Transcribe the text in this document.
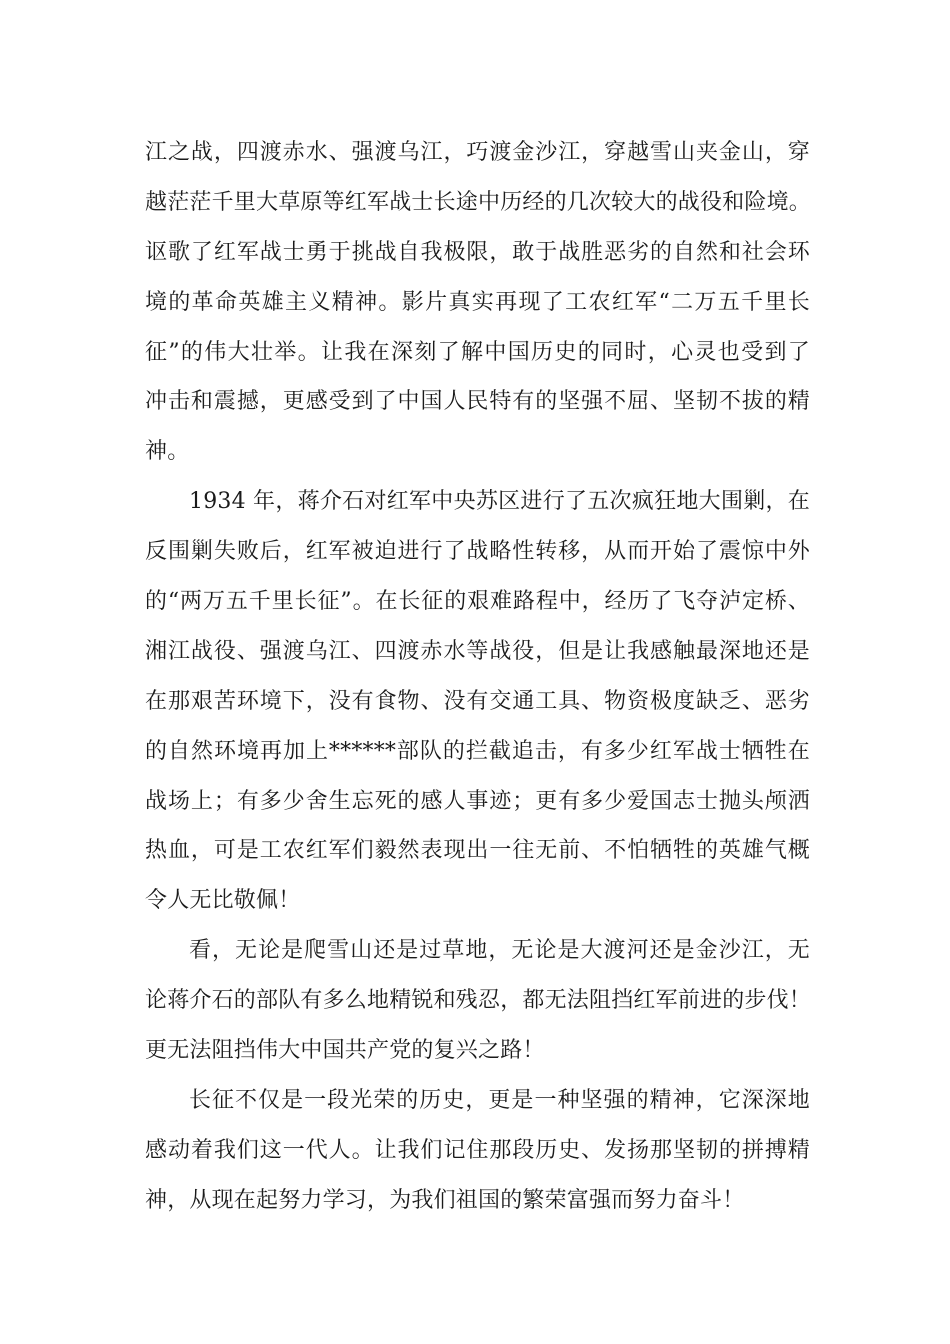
江之战，四渡赤水、强渡乌江，巧渡金沙江，穿越雪山夹金山，穿
越茫茫千里大草原等红军战士长途中历经的几次较大的战役和险境。
讴歌了红军战士勇于挑战自我极限，敢于战胜恶劣的自然和社会环
境的革命英雄主义精神。影片真实再现了工农红军“二万五千里长
征”的伟大壮举。让我在深刻了解中国历史的同时，心灵也受到了
冲击和震撼，更感受到了中国人民特有的坚强不屈、坚韧不拔的精
神。
1934 年，蒋介石对红军中央苏区进行了五次疯狂地大围剿，在
反围剿失败后，红军被迫进行了战略性转移，从而开始了震惊中外
的“两万五千里长征”。在长征的艰难路程中，经历了飞夺泸定桥、
湘江战役、强渡乌江、四渡赤水等战役，但是让我感触最深地还是
在那艰苦环境下，没有食物、没有交通工具、物资极度缺乏、恶劣
的自然环境再加上******部队的拦截追击，有多少红军战士牺牲在
战场上；有多少舍生忘死的感人事迹；更有多少爱国志士抛头颅洒
热血，可是工农红军们毅然表现出一往无前、不怕牺牲的英雄气概
令人无比敬佩！
看，无论是爬雪山还是过草地，无论是大渡河还是金沙江，无
论蒋介石的部队有多么地精锐和残忍，都无法阻挡红军前进的步伐！
更无法阻挡伟大中国共产党的复兴之路！
长征不仅是一段光荣的历史，更是一种坚强的精神，它深深地
感动着我们这一代人。让我们记住那段历史、发扬那坚韧的拼搏精
神，从现在起努力学习，为我们祖国的繁荣富强而努力奋斗！
